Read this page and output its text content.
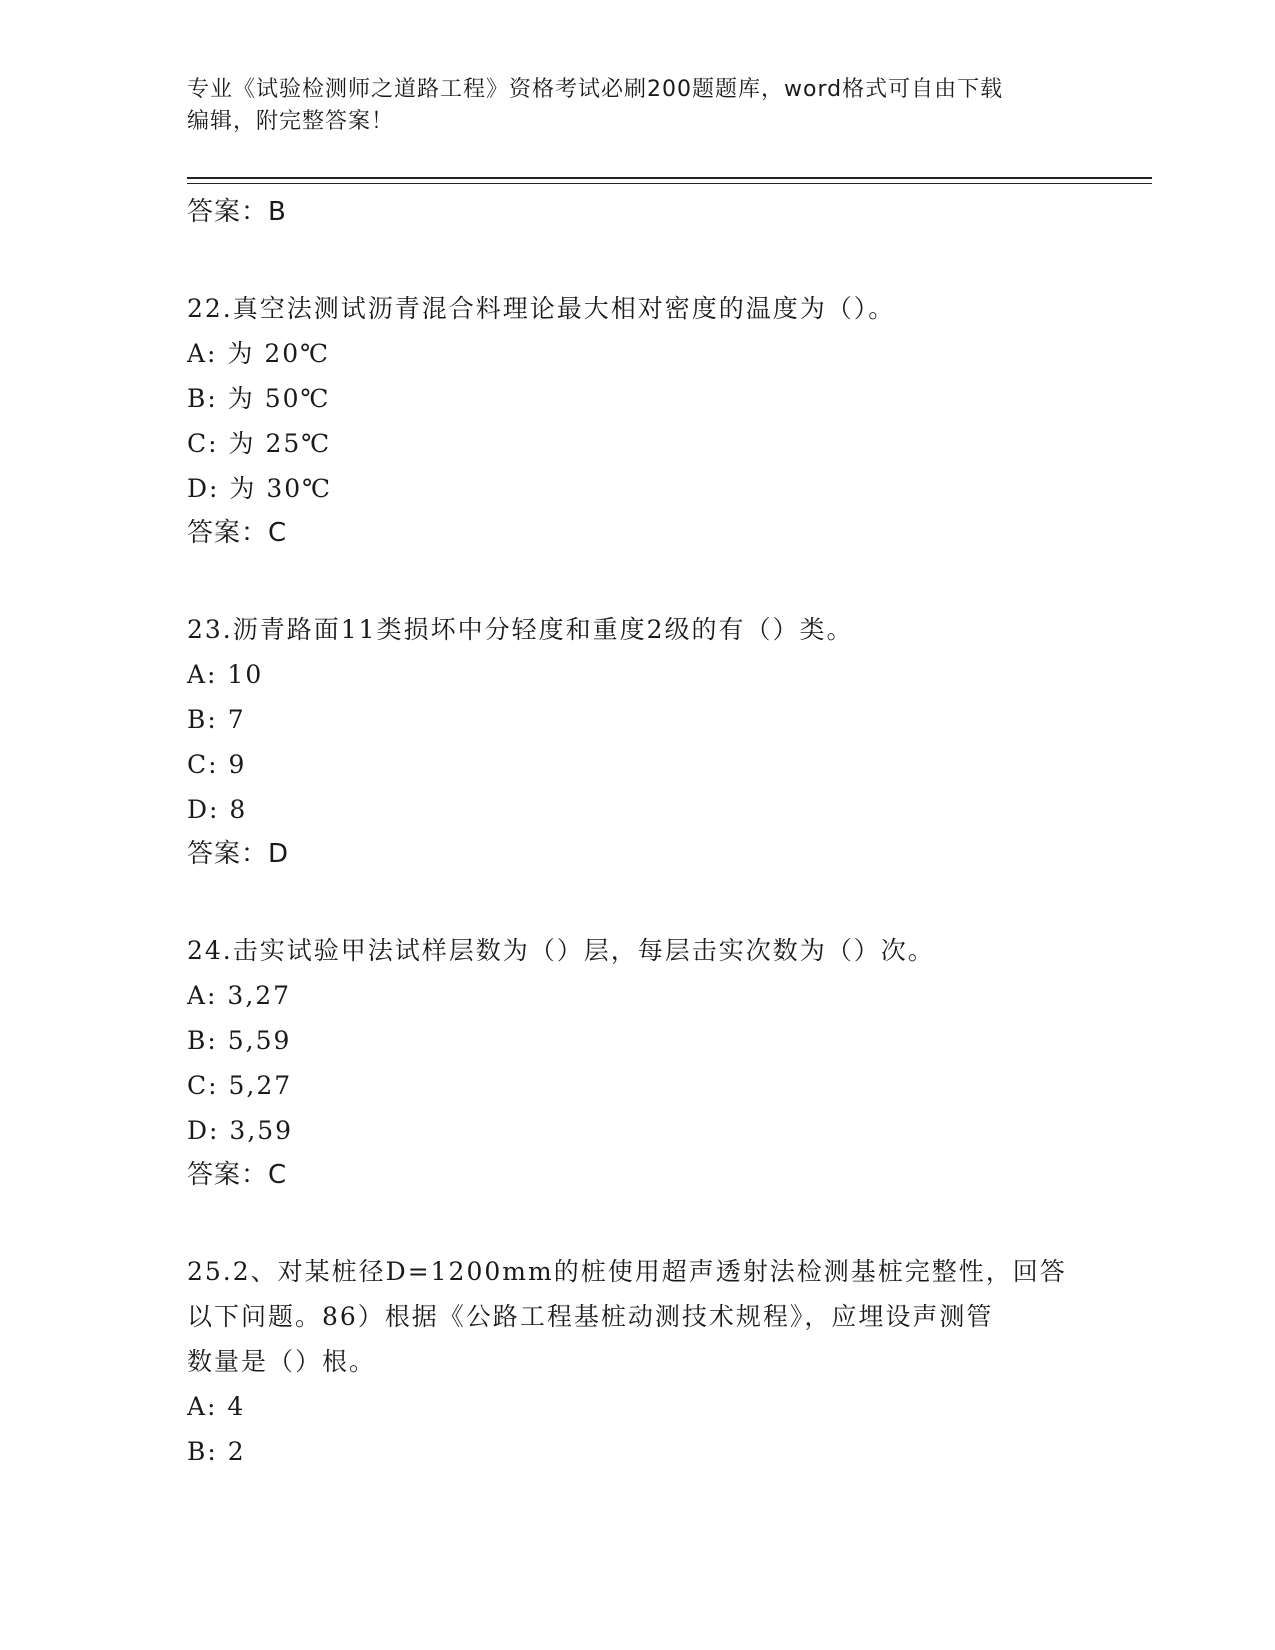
专业《试验检测师之道路工程》资格考试必刷200题题库，word格式可自由下载
编辑，附完整答案！
答案：B
22.真空法测试沥青混合料理论最大相对密度的温度为（）。
A: 为 20℃
B: 为 50℃
C: 为 25℃
D: 为 30℃
答案：C
23.沥青路面11类损坏中分轻度和重度2级的有（）类。
A: 10
B: 7
C: 9
D: 8
答案：D
24.击实试验甲法试样层数为（）层，每层击实次数为（）次。
A: 3,27
B: 5,59
C: 5,27
D: 3,59
答案：C
25.2、对某桩径D=1200mm的桩使用超声透射法检测基桩完整性，回答
以下问题。86）根据《公路工程基桩动测技术规程》，应埋设声测管
数量是（）根。
A: 4
B: 2
